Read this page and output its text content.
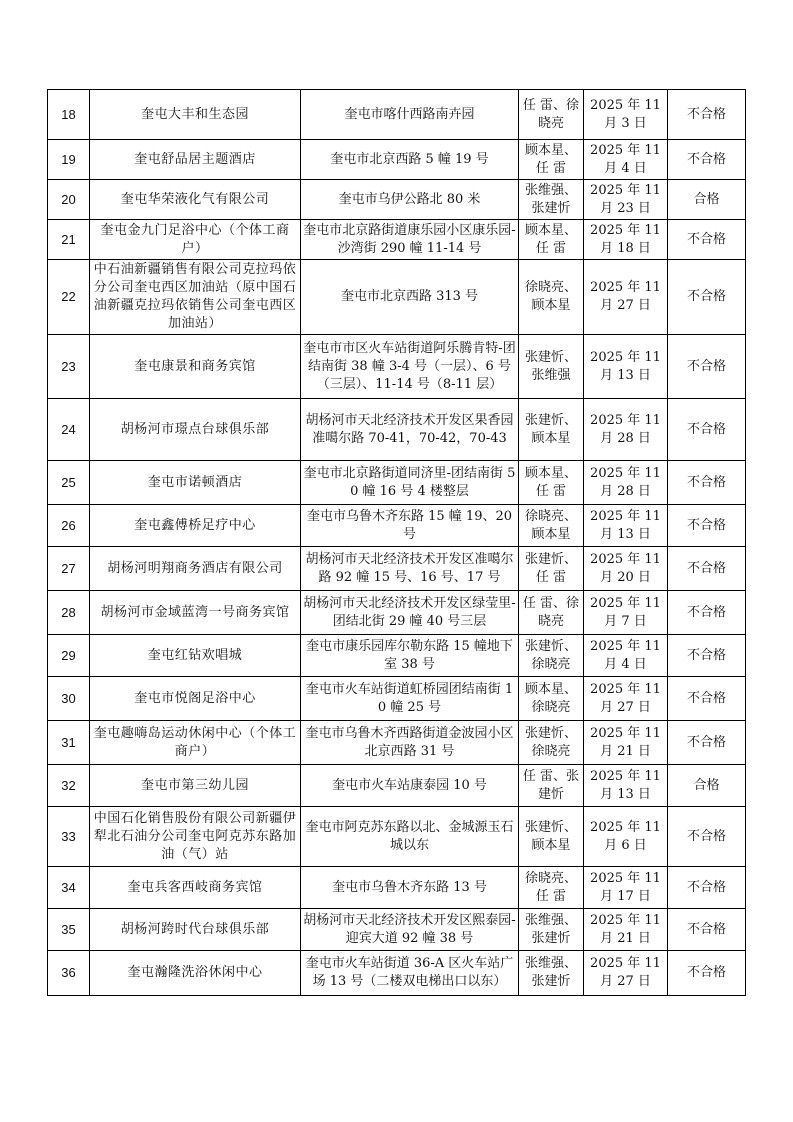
18	奎屯大丰和生态园	奎屯市喀什西路南卉园	任 雷、徐晓亮	2025 年 11 月 3 日	不合格
19	奎屯舒品居主题酒店	奎屯市北京西路 5 幢 19 号	顾本星、任 雷	2025 年 11 月 4 日	不合格
20	奎屯华荣液化气有限公司	奎屯市乌伊公路北 80 米	张维强、张建忻	2025 年 11 月 23 日	合格
21	奎屯金九门足浴中心（个体工商户）	奎屯市北京路街道康乐园小区康乐园-沙湾街 290 幢 11-14 号	顾本星、任 雷	2025 年 11 月 18 日	不合格
22	中石油新疆销售有限公司克拉玛依分公司奎屯西区加油站（原中国石油新疆克拉玛依销售公司奎屯西区加油站）	奎屯市北京西路 313 号	徐晓亮、顾本星	2025 年 11 月 27 日	不合格
23	奎屯康景和商务宾馆	奎屯市市区火车站街道阿乐腾肯特-团结南街 38 幢 3-4 号（一层）、6 号（三层）、11-14 号（8-11 层）	张建忻、张维强	2025 年 11 月 13 日	不合格
24	胡杨河市璟点台球俱乐部	胡杨河市天北经济技术开发区果香园准噶尔路 70-41，70-42，70-43	张建忻、顾本星	2025 年 11 月 28 日	不合格
25	奎屯市诺顿酒店	奎屯市北京路街道同济里-团结南街 50 幢 16 号 4 楼整层	顾本星、任 雷	2025 年 11 月 28 日	不合格
26	奎屯鑫傅桥足疗中心	奎屯市乌鲁木齐东路 15 幢 19、20 号	徐晓亮、顾本星	2025 年 11 月 13 日	不合格
27	胡杨河明翔商务酒店有限公司	胡杨河市天北经济技术开发区准噶尔路 92 幢 15 号、16 号、17 号	张建忻、任 雷	2025 年 11 月 20 日	不合格
28	胡杨河市金域蓝湾一号商务宾馆	胡杨河市天北经济技术开发区绿莹里-团结北街 29 幢 40 号三层	任 雷、徐晓亮	2025 年 11 月 7 日	不合格
29	奎屯红钻欢唱城	奎屯市康乐园库尔勒东路 15 幢地下室 38 号	张建忻、徐晓亮	2025 年 11 月 4 日	不合格
30	奎屯市悦阁足浴中心	奎屯市火车站街道虹桥园团结南街 10 幢 25 号	顾本星、徐晓亮	2025 年 11 月 27 日	不合格
31	奎屯趣嗨岛运动休闲中心（个体工商户）	奎屯市乌鲁木齐西路街道金波园小区北京西路 31 号	张建忻、徐晓亮	2025 年 11 月 21 日	不合格
32	奎屯市第三幼儿园	奎屯市火车站康泰园 10 号	任 雷、张建忻	2025 年 11 月 13 日	合格
33	中国石化销售股份有限公司新疆伊犁北石油分公司奎屯阿克苏东路加油（气）站	奎屯市阿克苏东路以北、金城源玉石城以东	张建忻、顾本星	2025 年 11 月 6 日	不合格
34	奎屯兵客西岐商务宾馆	奎屯市乌鲁木齐东路 13 号	徐晓亮、任 雷	2025 年 11 月 17 日	不合格
35	胡杨河跨时代台球俱乐部	胡杨河市天北经济技术开发区熙泰园-迎宾大道 92 幢 38 号	张维强、张建忻	2025 年 11 月 21 日	不合格
36	奎屯瀚隆洗浴休闲中心	奎屯市火车站街道 36-A 区火车站广场 13 号（二楼双电梯出口以东）	张维强、张建忻	2025 年 11 月 27 日	不合格
